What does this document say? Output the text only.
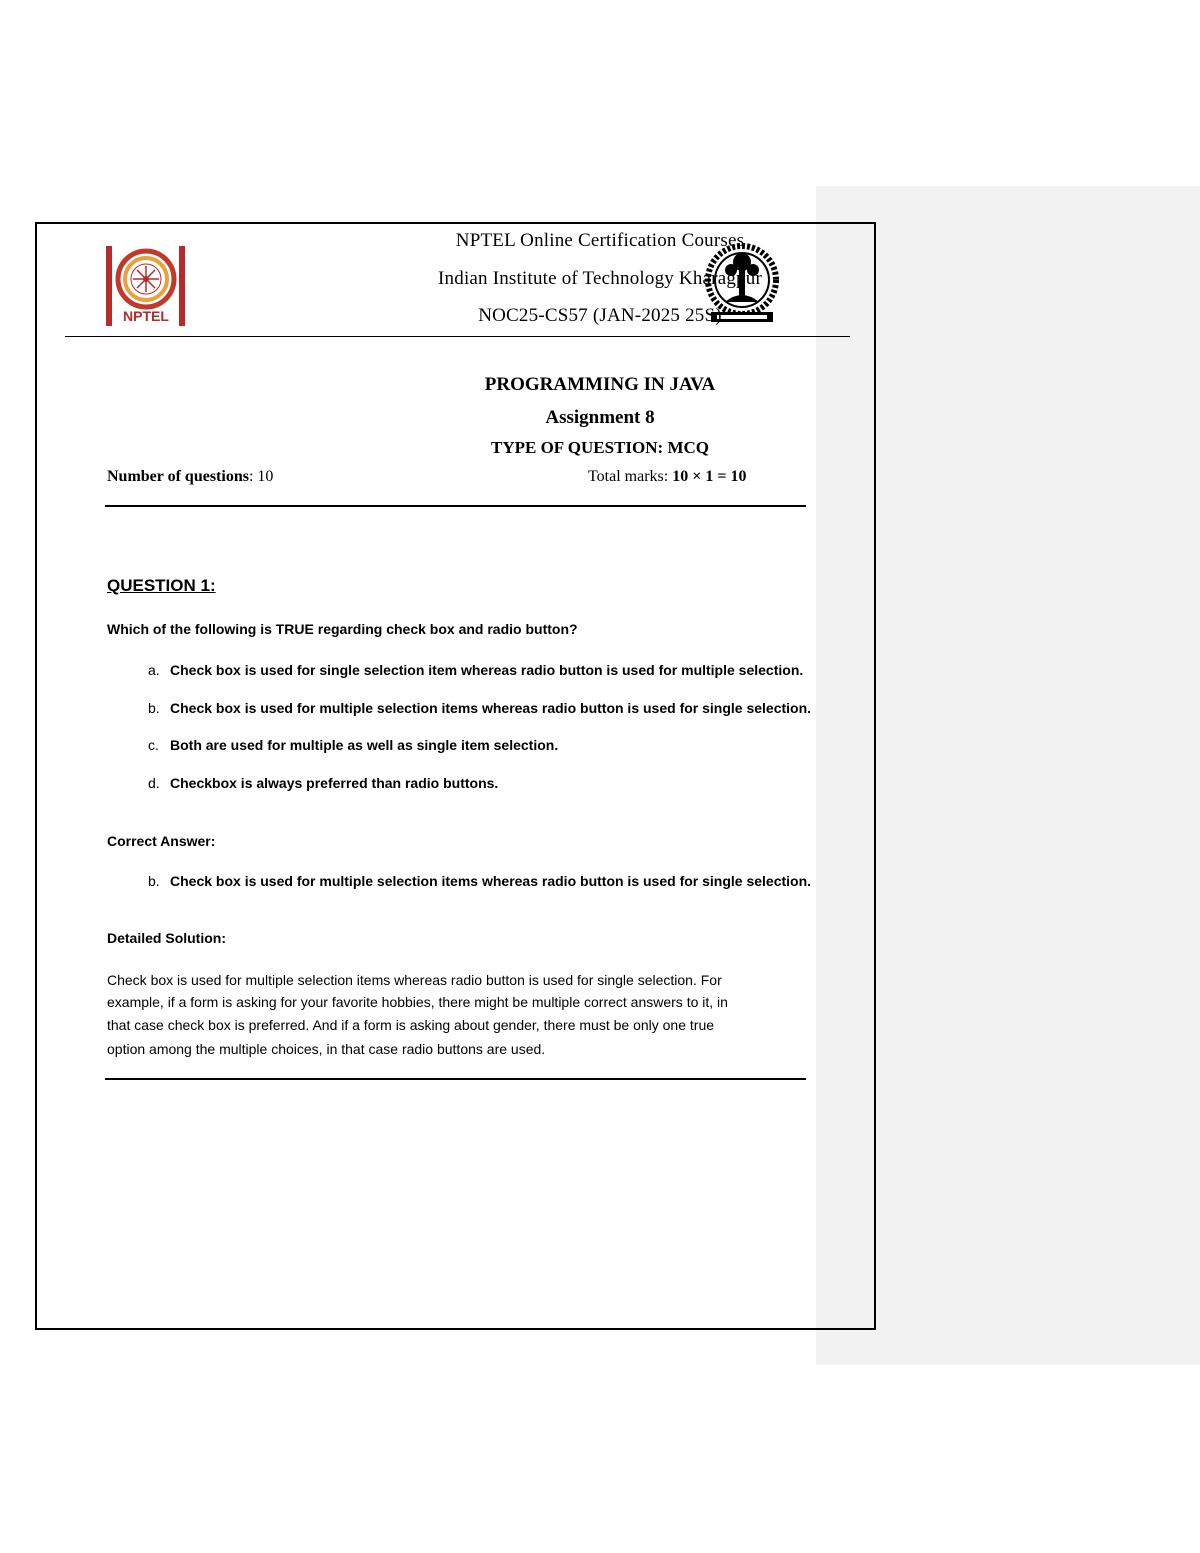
NPTEL
NPTEL Online Certification Courses
Indian Institute of Technology Kharagpur
NOC25-CS57 (JAN-2025 25S)
PROGRAMMING IN JAVA
Assignment 8
TYPE OF QUESTION: MCQ
Number of questions: 10	Total marks: 10 × 1 = 10
QUESTION 1:
Which of the following is TRUE regarding check box and radio button?
a. Check box is used for single selection item whereas radio button is used for multiple selection.
b. Check box is used for multiple selection items whereas radio button is used for single selection.
c. Both are used for multiple as well as single item selection.
d. Checkbox is always preferred than radio buttons.
Correct Answer:
b. Check box is used for multiple selection items whereas radio button is used for single selection.
Detailed Solution:
Check box is used for multiple selection items whereas radio button is used for single selection. For
example, if a form is asking for your favorite hobbies, there might be multiple correct answers to it, in
that case check box is preferred. And if a form is asking about gender, there must be only one true
option among the multiple choices, in that case radio buttons are used.
